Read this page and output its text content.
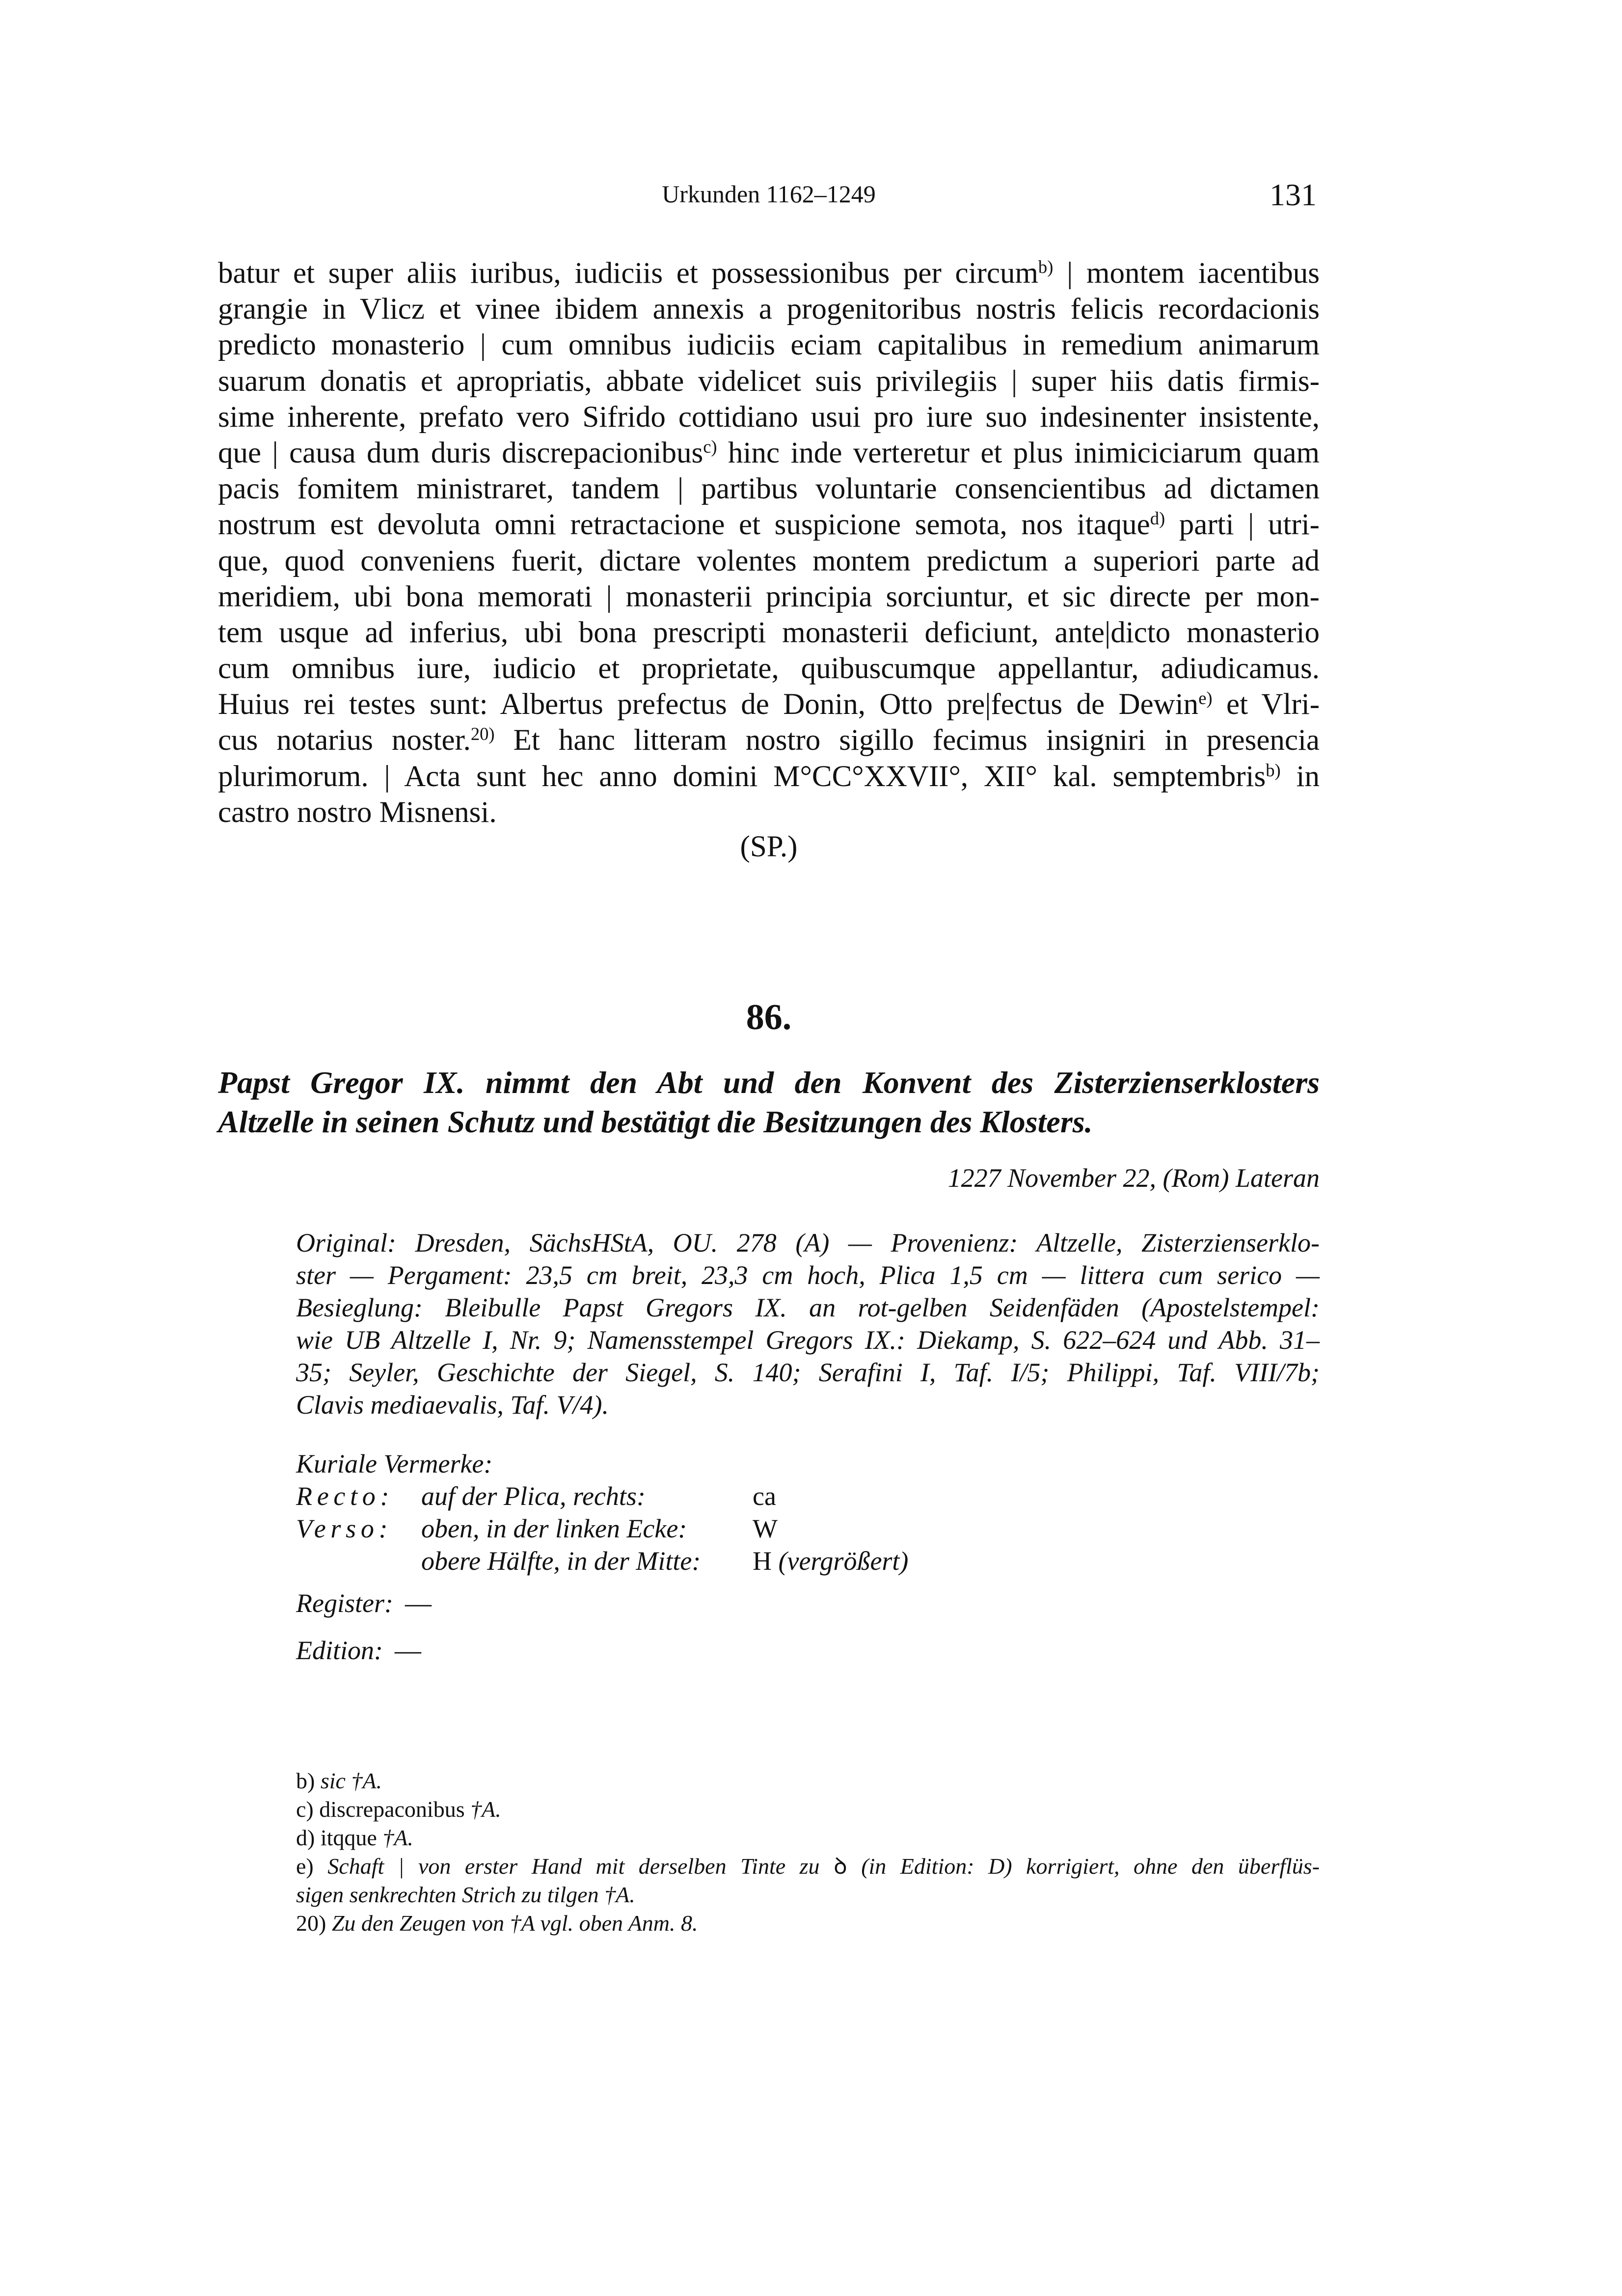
Urkunden 1162–1249	131
batur et super aliis iuribus, iudiciis et possessionibus per circum$^{b)}$ | montem iacentibus
grangie in Vlicz et vinee ibidem annexis a progenitoribus nostris felicis recordacionis
predicto monasterio | cum omnibus iudiciis eciam capitalibus in remedium animarum
suarum donatis et apropriatis, abbate videlicet suis privilegiis | super hiis datis firmis-
sime inherente, prefato vero Sifrido cottidiano usui pro iure suo indesinenter insistente,
que | causa dum duris discrepacionibus$^{c)}$ hinc inde verteretur et plus inimiciciarum quam
pacis fomitem ministraret, tandem | partibus voluntarie consencientibus ad dictamen
nostrum est devoluta omni retractacione et suspicione semota, nos itaque$^{d)}$ parti | utri-
que, quod conveniens fuerit, dictare volentes montem predictum a superiori parte ad
meridiem, ubi bona memorati | monasterii principia sorciuntur, et sic directe per mon-
tem usque ad inferius, ubi bona prescripti monasterii deficiunt, ante|dicto monasterio
cum omnibus iure, iudicio et proprietate, quibuscumque appellantur, adiudicamus.
Huius rei testes sunt: Albertus prefectus de Donin, Otto pre|fectus de Dewin$^{e)}$ et Vlri-
cus notarius noster.$^{20)}$ Et hanc litteram nostro sigillo fecimus insigniri in presencia
plurimorum. | Acta sunt hec anno domini M°CC°XXVII°, XII° kal. semptembris$^{b)}$ in
castro nostro Misnensi.
(SP.)
86.
Papst Gregor IX. nimmt den Abt und den Konvent des Zisterzienserklosters
Altzelle in seinen Schutz und bestätigt die Besitzungen des Klosters.
1227 November 22, (Rom) Lateran
Original: Dresden, SächsHStA, OU. 278 (A) — Provenienz: Altzelle, Zisterzienserklo-
ster — Pergament: 23,5 cm breit, 23,3 cm hoch, Plica 1,5 cm — littera cum serico —
Besieglung: Bleibulle Papst Gregors IX. an rot-gelben Seidenfäden (Apostelstempel:
wie UB Altzelle I, Nr. 9; Namensstempel Gregors IX.: Diekamp, S. 622–624 und Abb. 31–
35; Seyler, Geschichte der Siegel, S. 140; Serafini I, Taf. I/5; Philippi, Taf. VIII/7b;
Clavis mediaevalis, Taf. V/4).
Kuriale Vermerke:
Recto: auf der Plica, rechts:	ca
Verso: oben, in der linken Ecke: W
obere Hälfte, in der Mitte: H (vergrößert)
Register: —
Edition: —
b) sic †A.
c) discrepaconibus †A.
d) itqque †A.
e) Schaft | von erster Hand mit derselben Tinte zu ꝺ (in Edition: D) korrigiert, ohne den überflüs-
sigen senkrechten Strich zu tilgen †A.
20) Zu den Zeugen von †A vgl. oben Anm. 8.
